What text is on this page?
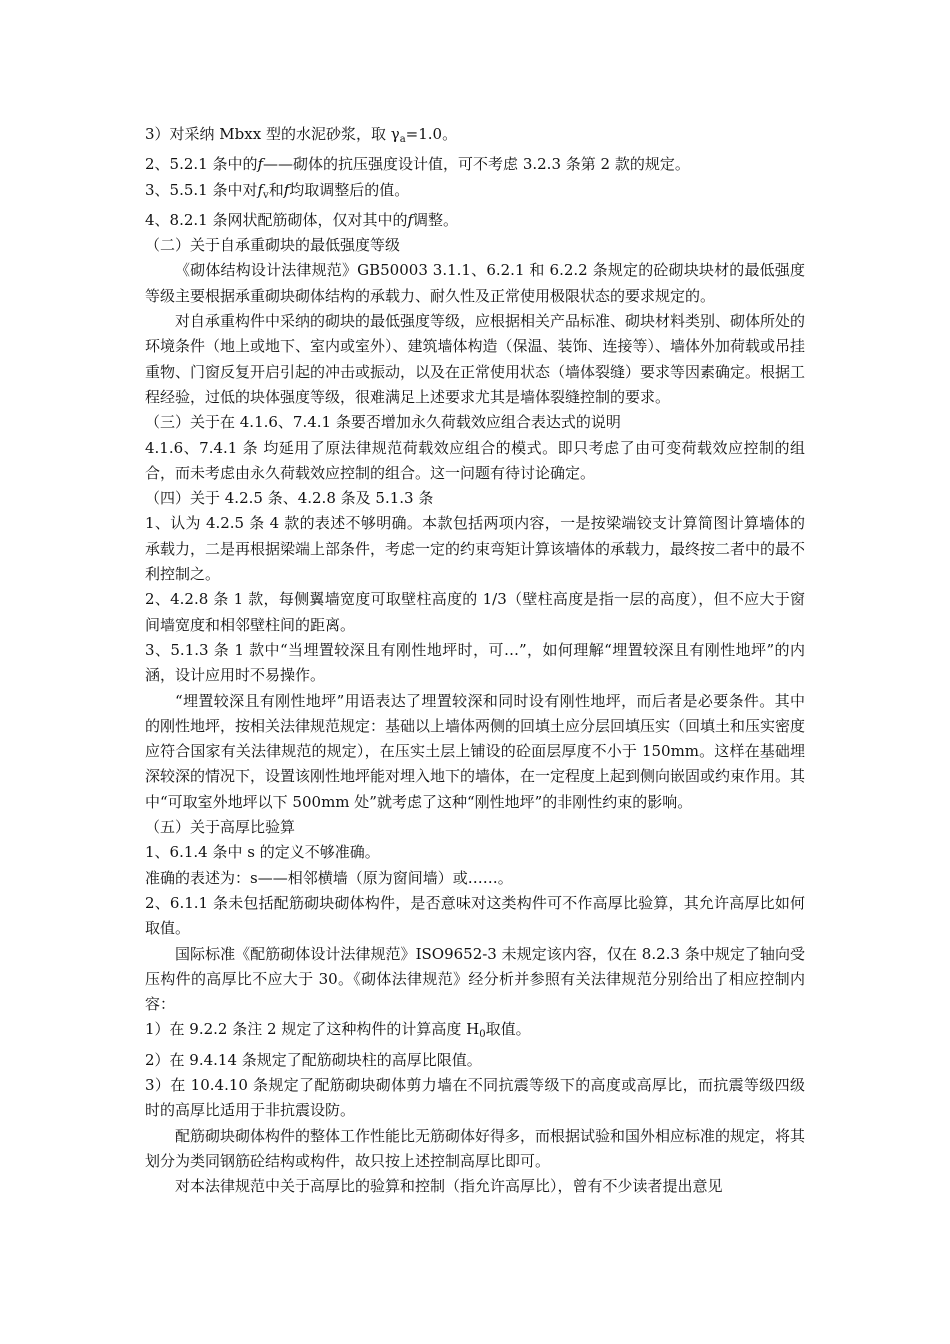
3）对采纳 Mbxx 型的水泥砂浆，取 $\gamma_a=1.0$。

2、5.2.1 条中的f——砌体的抗压强度设计值，可不考虑 3.2.3 条第 2 款的规定。

3、5.5.1 条中对$f_v$和f均取调整后的值。

4、8.2.1 条网状配筋砌体，仅对其中的f调整。

（二）关于自承重砌块的最低强度等级

《砌体结构设计法律规范》GB50003 3.1.1、6.2.1 和 6.2.2 条规定的砼砌块块材的最低强度等级主要根据承重砌块砌体结构的承载力、耐久性及正常使用极限状态的要求规定的。

对自承重构件中采纳的砌块的最低强度等级，应根据相关产品标准、砌块材料类别、砌体所处的环境条件（地上或地下、室内或室外）、建筑墙体构造（保温、装饰、连接等）、墙体外加荷载或吊挂重物、门窗反复开启引起的冲击或振动，以及在正常使用状态（墙体裂缝）要求等因素确定。根据工程经验，过低的块体强度等级，很难满足上述要求尤其是墙体裂缝控制的要求。

（三）关于在 4.1.6、7.4.1 条要否增加永久荷载效应组合表达式的说明

4.1.6、7.4.1 条 均延用了原法律规范荷载效应组合的模式。即只考虑了由可变荷载效应控制的组合，而未考虑由永久荷载效应控制的组合。这一问题有待讨论确定。

（四）关于 4.2.5 条、4.2.8 条及 5.1.3 条

1、认为 4.2.5 条 4 款的表述不够明确。本款包括两项内容，一是按梁端铰支计算简图计算墙体的承载力，二是再根据梁端上部条件，考虑一定的约束弯矩计算该墙体的承载力，最终按二者中的最不利控制之。

2、4.2.8 条 1 款，每侧翼墙宽度可取壁柱高度的 1/3（壁柱高度是指一层的高度），但不应大于窗间墙宽度和相邻壁柱间的距离。

3、5.1.3 条 1 款中“当埋置较深且有刚性地坪时，可…”，如何理解“埋置较深且有刚性地坪”的内涵，设计应用时不易操作。

“埋置较深且有刚性地坪”用语表达了埋置较深和同时设有刚性地坪，而后者是必要条件。其中的刚性地坪，按相关法律规范规定：基础以上墙体两侧的回填土应分层回填压实（回填土和压实密度应符合国家有关法律规范的规定），在压实土层上铺设的砼面层厚度不小于 150mm。这样在基础埋深较深的情况下，设置该刚性地坪能对埋入地下的墙体，在一定程度上起到侧向嵌固或约束作用。其中“可取室外地坪以下 500mm 处”就考虑了这种“刚性地坪”的非刚性约束的影响。

（五）关于高厚比验算

1、6.1.4 条中 s 的定义不够准确。

准确的表述为：s——相邻横墙（原为窗间墙）或……。

2、6.1.1 条未包括配筋砌块砌体构件，是否意味对这类构件可不作高厚比验算，其允许高厚比如何取值。

国际标准《配筋砌体设计法律规范》ISO9652-3 未规定该内容，仅在 8.2.3 条中规定了轴向受压构件的高厚比不应大于 30。《砌体法律规范》经分析并参照有关法律规范分别给出了相应控制内容：

1）在 9.2.2 条注 2 规定了这种构件的计算高度 $H_0$取值。

2）在 9.4.14 条规定了配筋砌块柱的高厚比限值。

3）在 10.4.10 条规定了配筋砌块砌体剪力墙在不同抗震等级下的高度或高厚比，而抗震等级四级时的高厚比适用于非抗震设防。

配筋砌块砌体构件的整体工作性能比无筋砌体好得多，而根据试验和国外相应标准的规定，将其划分为类同钢筋砼结构或构件，故只按上述控制高厚比即可。

对本法律规范中关于高厚比的验算和控制（指允许高厚比），曾有不少读者提出意见
